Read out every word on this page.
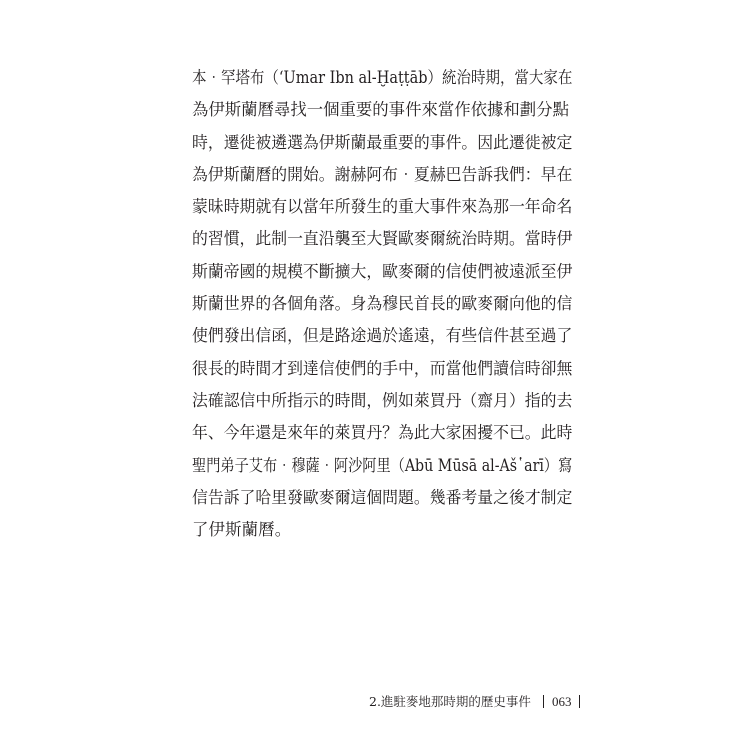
本‧罕塔布（‘Umar Ibn al-Ḫaṭṭāb）統治時期，當大家在
為伊斯蘭曆尋找一個重要的事件來當作依據和劃分點
時，遷徙被遴選為伊斯蘭最重要的事件。因此遷徙被定
為伊斯蘭曆的開始。謝赫阿布‧夏赫巴告訴我們：早在
蒙昧時期就有以當年所發生的重大事件來為那一年命名
的習慣，此制一直沿襲至大賢歐麥爾統治時期。當時伊
斯蘭帝國的規模不斷擴大，歐麥爾的信使們被遠派至伊
斯蘭世界的各個角落。身為穆民首長的歐麥爾向他的信
使們發出信函，但是路途過於遙遠，有些信件甚至過了
很長的時間才到達信使們的手中，而當他們讀信時卻無
法確認信中所指示的時間，例如萊買丹（齋月）指的去
年、今年還是來年的萊買丹？為此大家困擾不已。此時
聖門弟子艾布‧穆薩‧阿沙阿里（Abū Mūsā al-Aš῾arī）寫
信告訴了哈里發歐麥爾這個問題。幾番考量之後才制定
了伊斯蘭曆。
2.進駐麥地那時期的歷史事件 063
